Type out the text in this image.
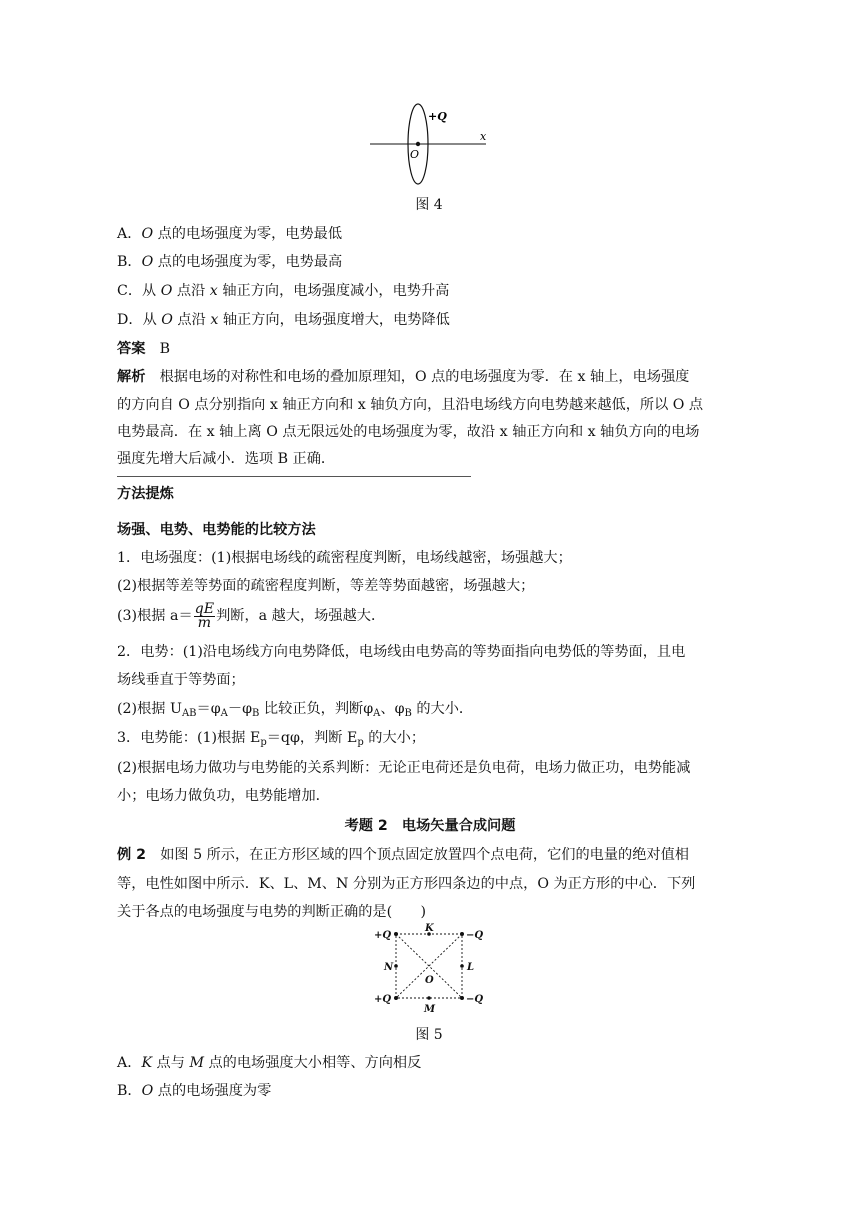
+Q
x
O
图 4
A．O 点的电场强度为零，电势最低
B．O 点的电场强度为零，电势最高
C．从 O 点沿 x 轴正方向，电场强度减小，电势升高
D．从 O 点沿 x 轴正方向，电场强度增大，电势降低
答案　 B
解析　 根据电场的对称性和电场的叠加原理知，O 点的电场强度为零．在 x 轴上，电场强度
的方向自 O 点分别指向 x 轴正方向和 x 轴负方向，且沿电场线方向电势越来越低，所以 O 点
电势最高．在 x 轴上离 O 点无限远处的电场强度为零，故沿 x 轴正方向和 x 轴负方向的电场
强度先增大后减小．选项 B 正确．
方法提炼
场强、电势、电势能的比较方法
1．电场强度：(1)根据电场线的疏密程度判断，电场线越密，场强越大；
(2)根据等差等势面的疏密程度判断，等差等势面越密，场强越大；
(3)根据 $a= \frac{qE}{m}$ 判断，a 越大，场强越大．
2．电势：(1)沿电场线方向电势降低，电场线由电势高的等势面指向电势低的等势面，且电
场线垂直于等势面；
(2)根据 $U_{AB}=\varphi_A-\varphi_B$ 比较正负，判断$\varphi_A$、$\varphi_B$ 的大小．
3．电势能：(1)根据 $E_p=q\varphi$，判断 $E_p$ 的大小；
(2)根据电场力做功与电势能的关系判断：无论正电荷还是负电荷，电场力做正功，电势能减
小；电场力做负功，电势能增加．
考题 2　电场矢量合成问题
例 2　如图 5 所示，在正方形区域的四个顶点固定放置四个点电荷，它们的电量的绝对值相
等，电性如图中所示．K、L、M、N 分别为正方形四条边的中点，O 为正方形的中心．下列
关于各点的电场强度与电势的判断正确的是(　　)
+Q	−Q
+Q	−Q
K
M
N	L
O
图 5
A．K 点与 M 点的电场强度大小相等、方向相反
B．O 点的电场强度为零
